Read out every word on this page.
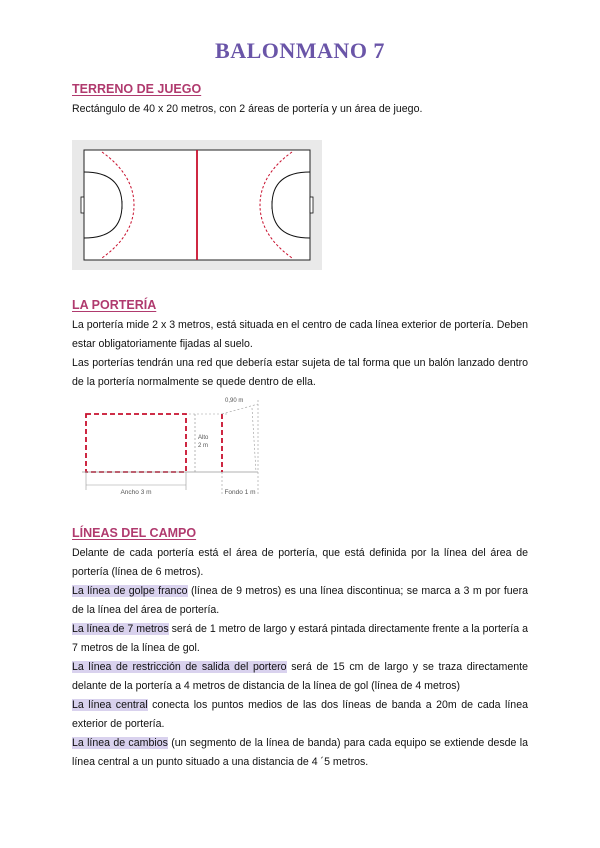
BALONMANO 7
TERRENO DE JUEGO
Rectángulo de 40 x 20 metros, con 2 áreas de portería y un área de juego.
LA PORTERÍA
La portería mide 2 x 3 metros, está situada en el centro de cada línea exterior de portería. Deben estar obligatoriamente fijadas al suelo.
Las porterías tendrán una red que debería estar sujeta de tal forma que un balón lanzado dentro de la portería normalmente se quede dentro de ella.
Alto
2 m
0,90 m
Ancho 3 m	Fondo 1 m
LÍNEAS DEL CAMPO
Delante de cada portería está el área de portería, que está definida por la línea del área de portería (línea de 6 metros).
La línea de golpe franco (línea de 9 metros) es una línea discontinua; se marca a 3 m por fuera de la línea del área de portería.
La línea de 7 metros será de 1 metro de largo y estará pintada directamente frente a la portería a 7 metros de la línea de gol.
La línea de restricción de salida del portero será de 15 cm de largo y se traza directamente delante de la portería a 4 metros de distancia de la línea de gol (línea de 4 metros)
La línea central conecta los puntos medios de las dos líneas de banda a 20m de cada línea exterior de portería.
La línea de cambios (un segmento de la línea de banda) para cada equipo se extiende desde la línea central a un punto situado a una distancia de 4 ´5 metros.
